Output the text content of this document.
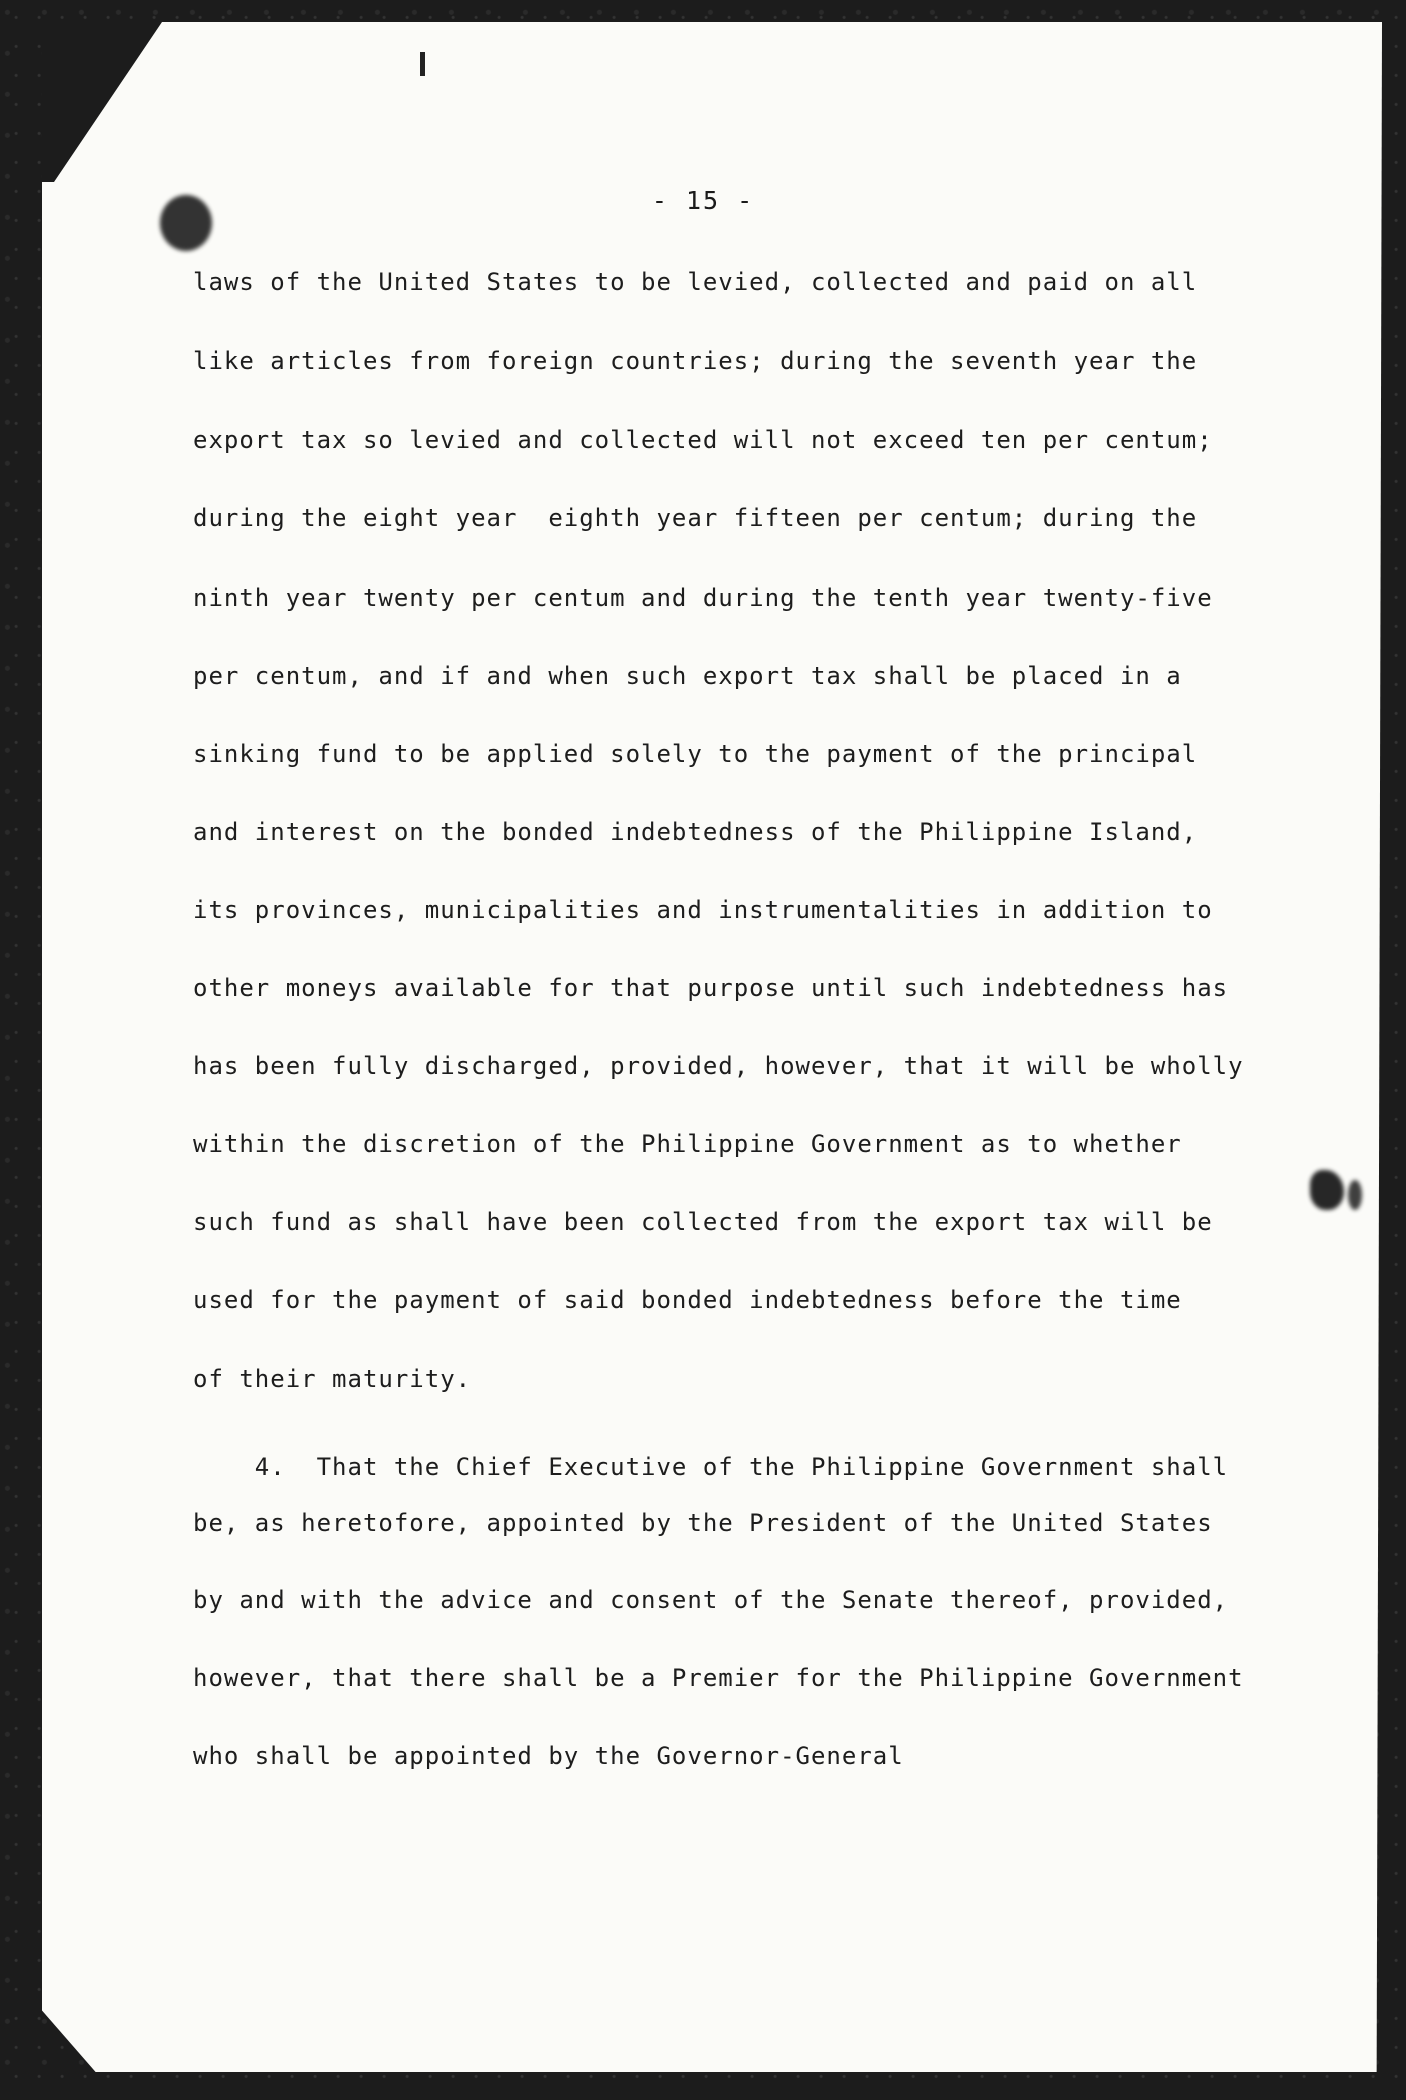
- 15 -
laws of the United States to be levied, collected and paid on all
like articles from foreign countries; during the seventh year the
export tax so levied and collected will not exceed ten per centum;
during the eight year  eighth year fifteen per centum; during the
ninth year twenty per centum and during the tenth year twenty-five
per centum, and if and when such export tax shall be placed in a
sinking fund to be applied solely to the payment of the principal
and interest on the bonded indebtedness of the Philippine Island,
its provinces, municipalities and instrumentalities in addition to
other moneys available for that purpose until such indebtedness has
has been fully discharged, provided, however, that it will be wholly
within the discretion of the Philippine Government as to whether
such fund as shall have been collected from the export tax will be
used for the payment of said bonded indebtedness before the time
of their maturity.
4.  That the Chief Executive of the Philippine Government shall
be, as heretofore, appointed by the President of the United States
by and with the advice and consent of the Senate thereof, provided,
however, that there shall be a Premier for the Philippine Government
who shall be appointed by the Governor-General
